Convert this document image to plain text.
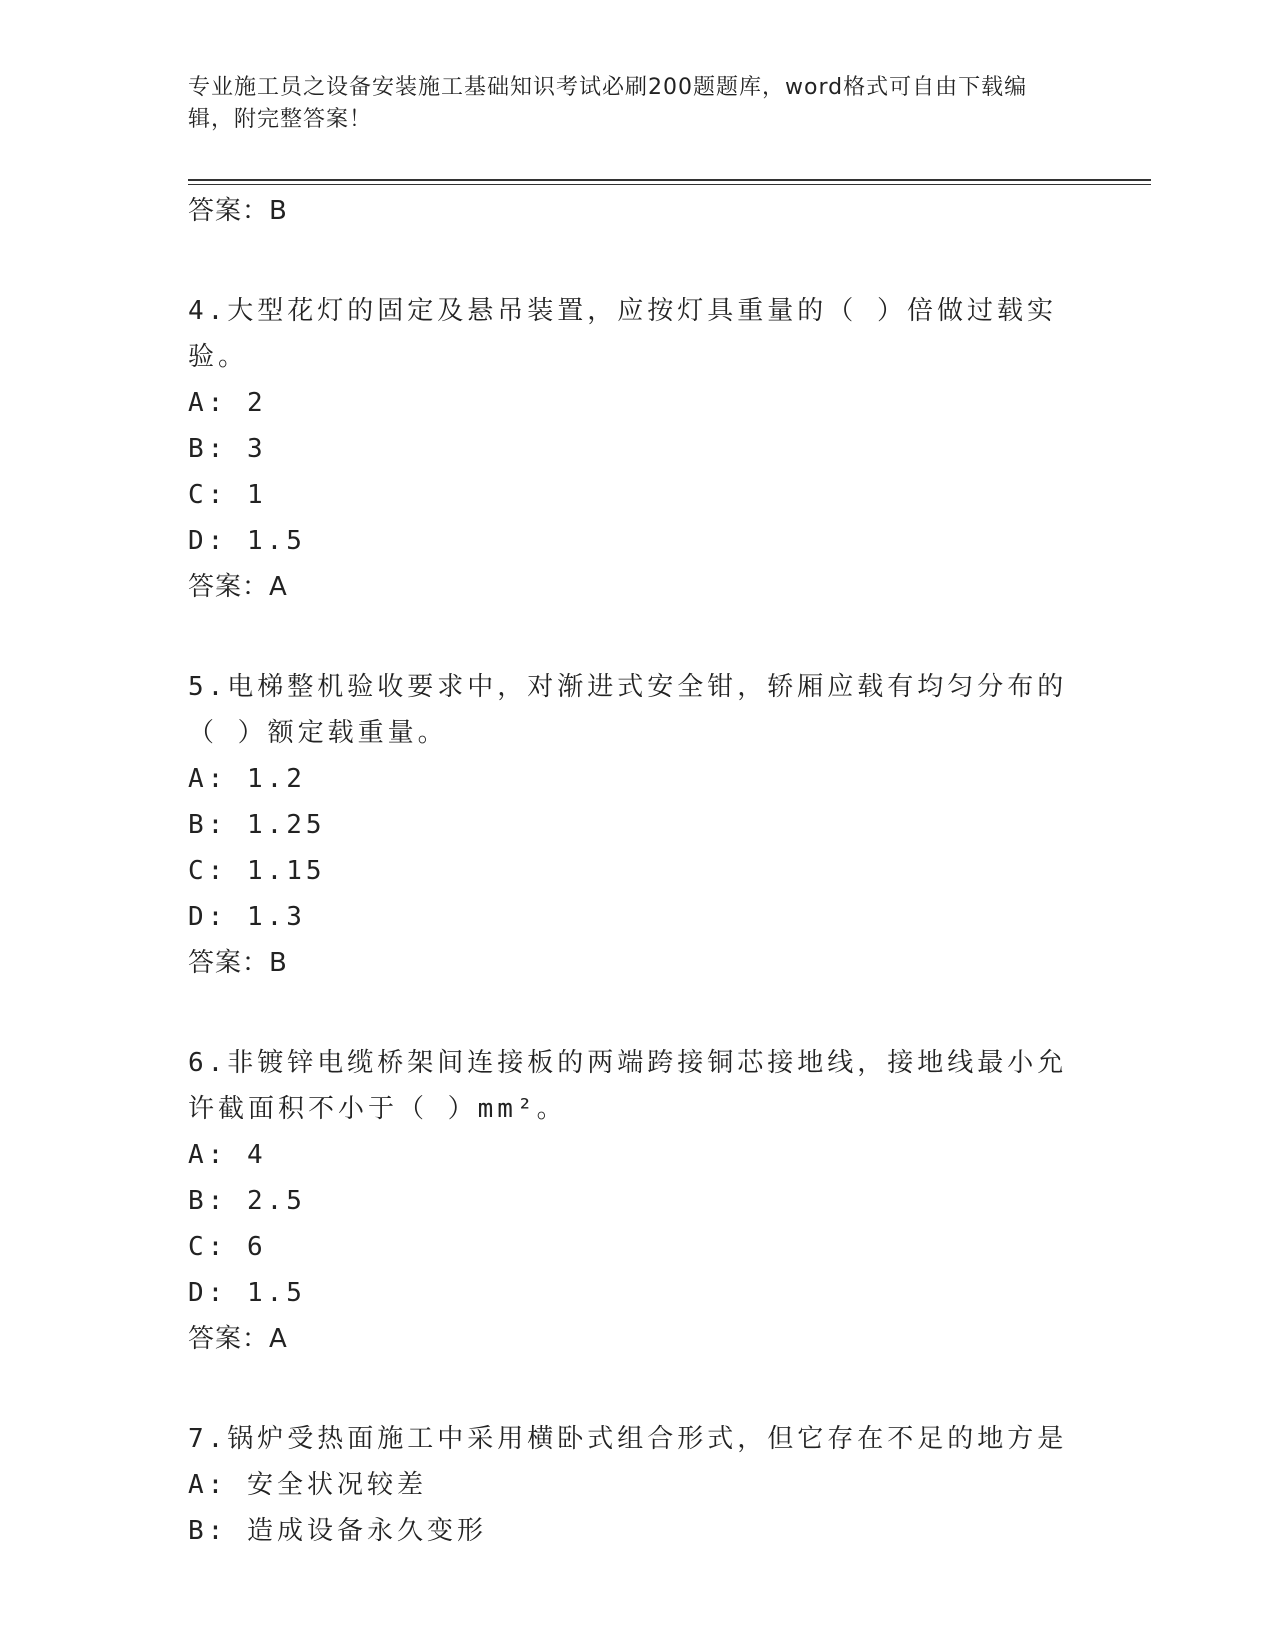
专业施工员之设备安装施工基础知识考试必刷200题题库，word格式可自由下载编辑，附完整答案！
答案：B
4.大型花灯的固定及悬吊装置，应按灯具重量的（ ）倍做过载实验。
A: 2
B: 3
C: 1
D: 1.5
答案：A
5.电梯整机验收要求中，对渐进式安全钳，轿厢应载有均匀分布的（ ）额定载重量。
A: 1.2
B: 1.25
C: 1.15
D: 1.3
答案：B
6.非镀锌电缆桥架间连接板的两端跨接铜芯接地线，接地线最小允许截面积不小于（ ）mm²。
A: 4
B: 2.5
C: 6
D: 1.5
答案：A
7.锅炉受热面施工中采用横卧式组合形式，但它存在不足的地方是
A: 安全状况较差
B: 造成设备永久变形
